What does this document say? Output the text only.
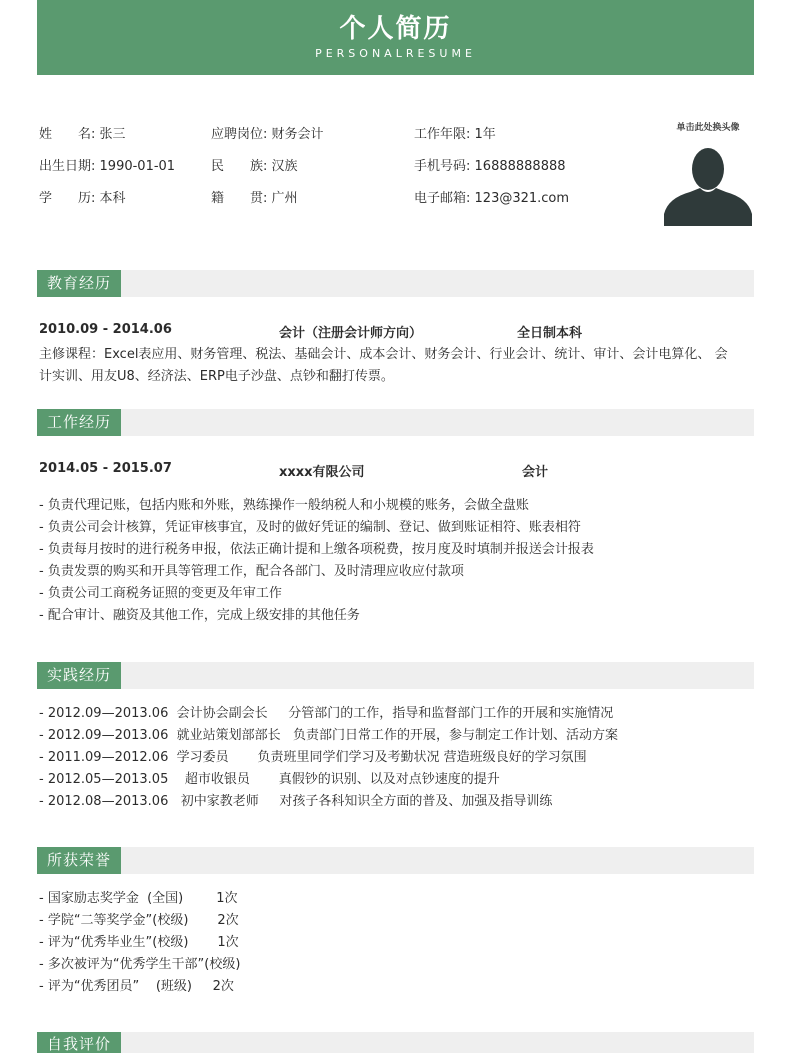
个人简历
PERSONALRESUME
姓　　名: 张三	应聘岗位: 财务会计	工作年限: 1年
出生日期: 1990-01-01	民　　族: 汉族	手机号码: 16888888888
学　　历: 本科	籍　　贯: 广州	电子邮箱: 123@321.com
单击此处换头像
教育经历
2010.09 - 2014.06	会计（注册会计师方向）	全日制本科
主修课程：Excel表应用、财务管理、税法、基础会计、成本会计、财务会计、行业会计、统计、审计、会计电算化、 会计实训、用友U8、经济法、ERP电子沙盘、点钞和翻打传票。
工作经历
2014.05 - 2015.07	xxxx有限公司	会计
- 负责代理记账，包括内账和外账，熟练操作一般纳税人和小规模的账务，会做全盘账
- 负责公司会计核算，凭证审核事宜，及时的做好凭证的编制、登记、做到账证相符、账表相符
- 负责每月按时的进行税务申报，依法正确计提和上缴各项税费，按月度及时填制并报送会计报表
- 负责发票的购买和开具等管理工作，配合各部门、及时清理应收应付款项
- 负责公司工商税务证照的变更及年审工作
- 配合审计、融资及其他工作，完成上级安排的其他任务
实践经历
- 2012.09—2013.06  会计协会副会长     分管部门的工作，指导和监督部门工作的开展和实施情况
- 2012.09—2013.06  就业站策划部部长   负责部门日常工作的开展，参与制定工作计划、活动方案
- 2011.09—2012.06  学习委员       负责班里同学们学习及考勤状况 营造班级良好的学习氛围
- 2012.05—2013.05    超市收银员       真假钞的识别、以及对点钞速度的提升
- 2012.08—2013.06   初中家教老师     对孩子各科知识全方面的普及、加强及指导训练
所获荣誉
- 国家励志奖学金  (全国)        1次
- 学院“二等奖学金”(校级)       2次
- 评为“优秀毕业生”(校级)       1次
- 多次被评为“优秀学生干部”(校级)
- 评为“优秀团员”    (班级)     2次
自我评价
